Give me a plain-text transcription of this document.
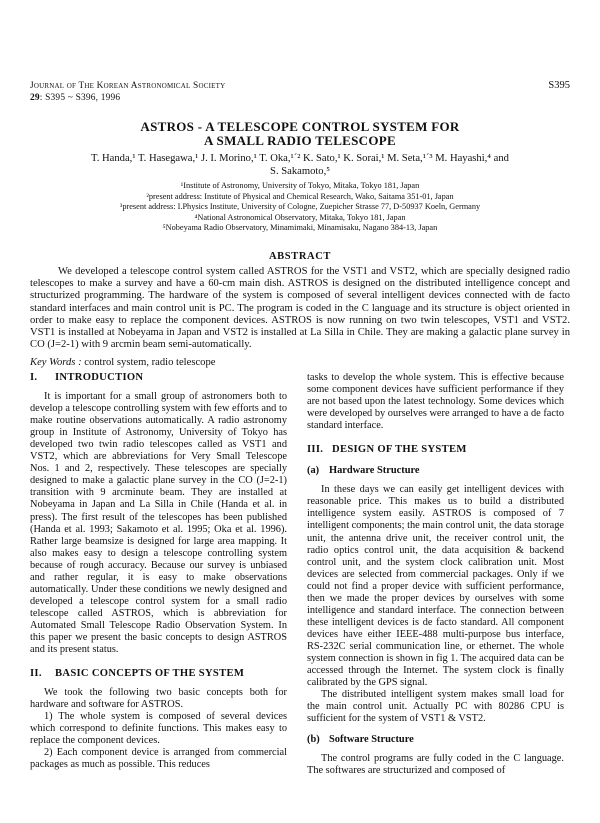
Journal of The Korean Astronomical Society
29: S395 ~ S396, 1996
S395
ASTROS - A TELESCOPE CONTROL SYSTEM FOR
A SMALL RADIO TELESCOPE
T. Handa,¹ T. Hasegawa,¹ J. I. Morino,¹ T. Oka,¹ˊ² K. Sato,¹ K. Sorai,¹ M. Seta,¹ˊ³ M. Hayashi,⁴ and
S. Sakamoto,⁵
¹Institute of Astronomy, University of Tokyo, Mitaka, Tokyo 181, Japan
²present address: Institute of Physical and Chemical Research, Wako, Saitama 351-01, Japan
³present address: I.Physics Institute, University of Cologne, Zuepicher Strasse 77, D-50937 Koeln, Germany
⁴National Astronomical Observatory, Mitaka, Tokyo 181, Japan
⁵Nobeyama Radio Observatory, Minamimaki, Minamisaku, Nagano 384-13, Japan
ABSTRACT

We developed a telescope control system called ASTROS for the VST1 and VST2, which are specially designed radio telescopes to make a survey and have a 60-cm main dish. ASTROS is designed on the distributed intelligence concept and structurized programming. The hardware of the system is composed of several intelligent devices connected with de facto standard interfaces and main control unit is PC. The program is coded in the C language and its structure is object oriented in order to make easy to replace the component devices. ASTROS is now running on two twin telescopes, VST1 and VST2. VST1 is installed at Nobeyama in Japan and VST2 is installed at La Silla in Chile. They are making a galactic plane survey in CO (J=2-1) with 9 arcmin beam semi-automatically.

Key Words : control system, radio telescope
I. INTRODUCTION

It is important for a small group of astronomers both to develop a telescope controlling system with few efforts and to make routine observations automatically. A radio astronomy group in Institute of Astronomy, University of Tokyo has developed two twin radio telescopes called as VST1 and VST2, which are abbreviations for Very Small Telescope Nos. 1 and 2, respectively. These telescopes are specially designed to make a galactic plane survey in the CO (J=2-1) transition with 9 arcminute beam. They are installed at Nobeyama in Japan and La Silla in Chile (Handa et al. in press). The first result of the telescopes has been published (Handa et al. 1993; Sakamoto et al. 1995; Oka et al. 1996). Rather large beamsize is designed for large area mapping. It also makes easy to design a telescope controlling system because of rough accuracy. Because our survey is unbiased and rather regular, it is easy to make observations automatically. Under these conditions we newly designed and developed a telescope control system for a small radio telescope called ASTROS, which is abbreviation for Automated Small Telescope Radio Observation System. In this paper we present the basic concepts to design ASTROS and its present status.

II. BASIC CONCEPTS OF THE SYSTEM

We took the following two basic concepts both for hardware and software for ASTROS.

1) The whole system is composed of several devices which correspond to definite functions. This makes easy to replace the component devices.

2) Each component device is arranged from commercial packages as much as possible. This reduces

tasks to develop the whole system. This is effective because some component devices have sufficient performance if they are not based upon the latest technology. Some devices which were developed by ourselves were arranged to have a de facto standard interface.

III. DESIGN OF THE SYSTEM
(a) Hardware Structure

In these days we can easily get intelligent devices with reasonable price. This makes us to build a distributed intelligence system easily. ASTROS is composed of 7 intelligent components; the main control unit, the data storage unit, the antenna drive unit, the receiver control unit, the radio optics control unit, the data acquisition & backend control unit, and the system clock calibration unit. Most devices are selected from commercial packages. Only if we could not find a proper device with sufficient performance, then we made the proper devices by ourselves with some intelligence and standard interface. The connection between these intelligent devices is de facto standard. All component devices have either IEEE-488 multi-purpose bus interface, RS-232C serial communication line, or ethernet. The whole system connection is shown in fig 1. The acquired data can be accessed through the Internet. The system clock is finally calibrated by the GPS signal.

The distributed intelligent system makes small load for the main control unit. Actually PC with 80286 CPU is sufficient for the system of VST1 & VST2.

(b) Software Structure

The control programs are fully coded in the C language. The softwares are structurized and composed of
